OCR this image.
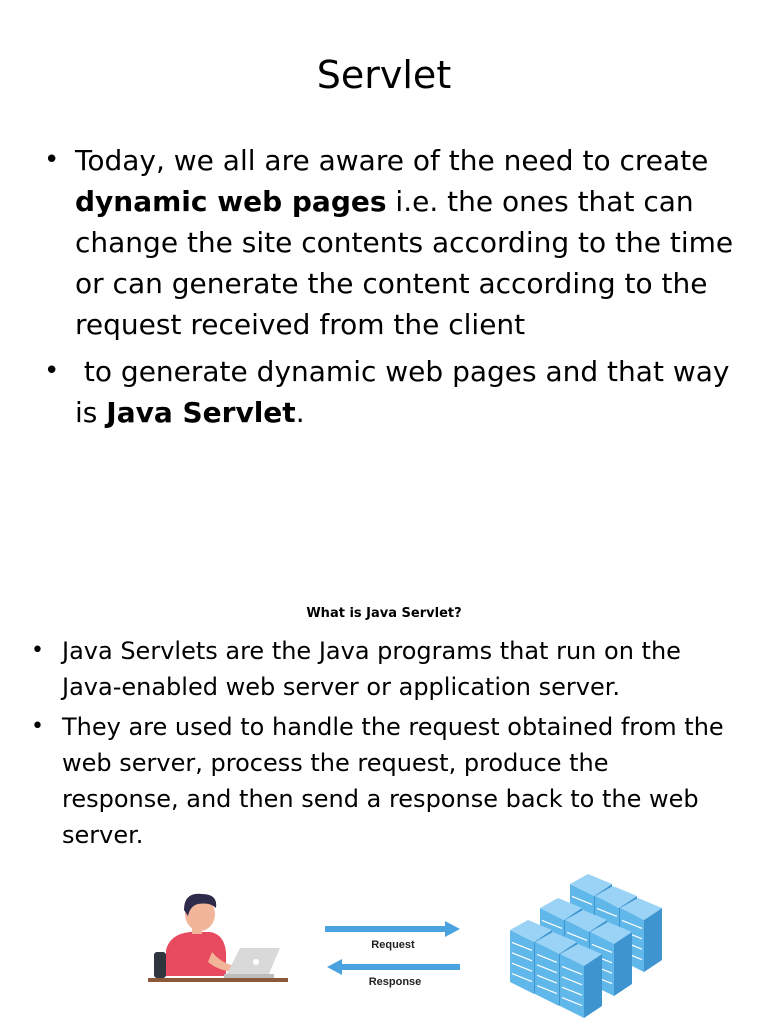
Servlet
• Today, we all are aware of the need to create dynamic web pages i.e. the ones that can change the site contents according to the time or can generate the content according to the request received from the client
• to generate dynamic web pages and that way is Java Servlet.
What is Java Servlet?
• Java Servlets are the Java programs that run on the Java-enabled web server or application server.
• They are used to handle the request obtained from the web server, process the request, produce the response, and then send a response back to the web server.
Request
Response
